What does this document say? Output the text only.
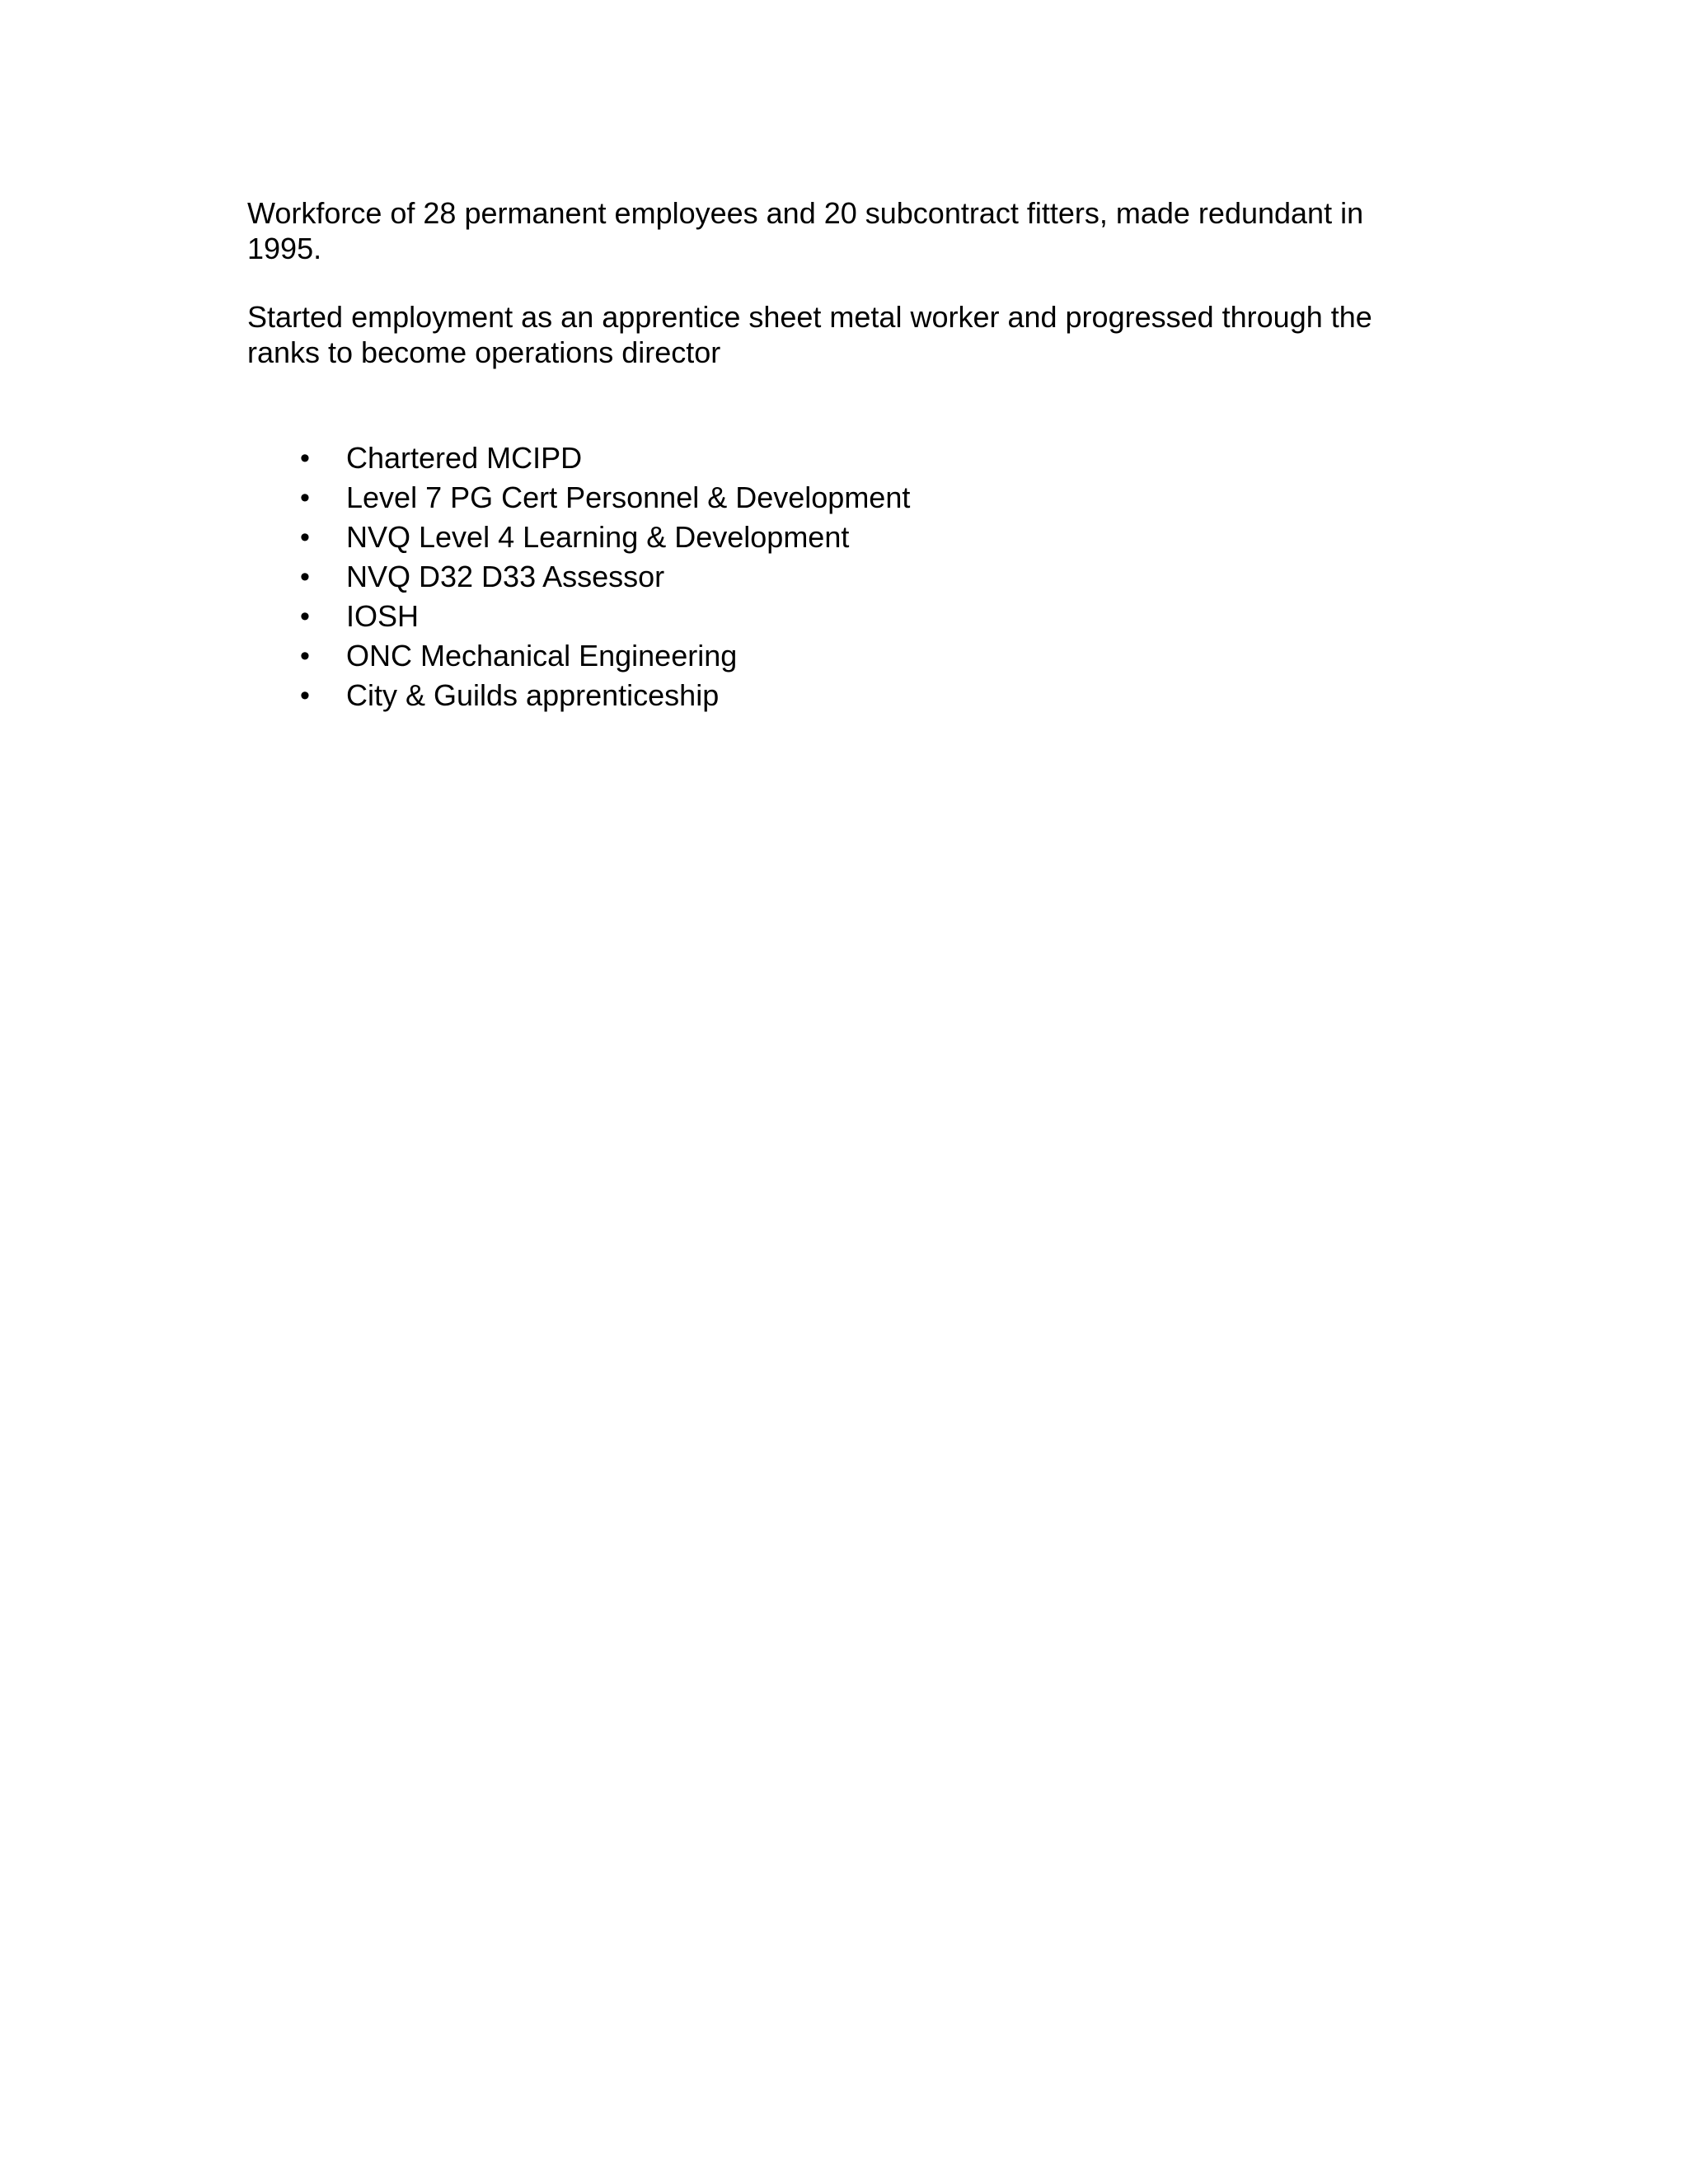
Workforce of 28 permanent employees and 20 subcontract fitters, made redundant in 1995.

Started employment as an apprentice sheet metal worker and progressed through the ranks to become operations director

• Chartered MCIPD
• Level 7 PG Cert Personnel & Development
• NVQ Level 4 Learning & Development
• NVQ D32 D33 Assessor
• IOSH
• ONC Mechanical Engineering
• City & Guilds apprenticeship
